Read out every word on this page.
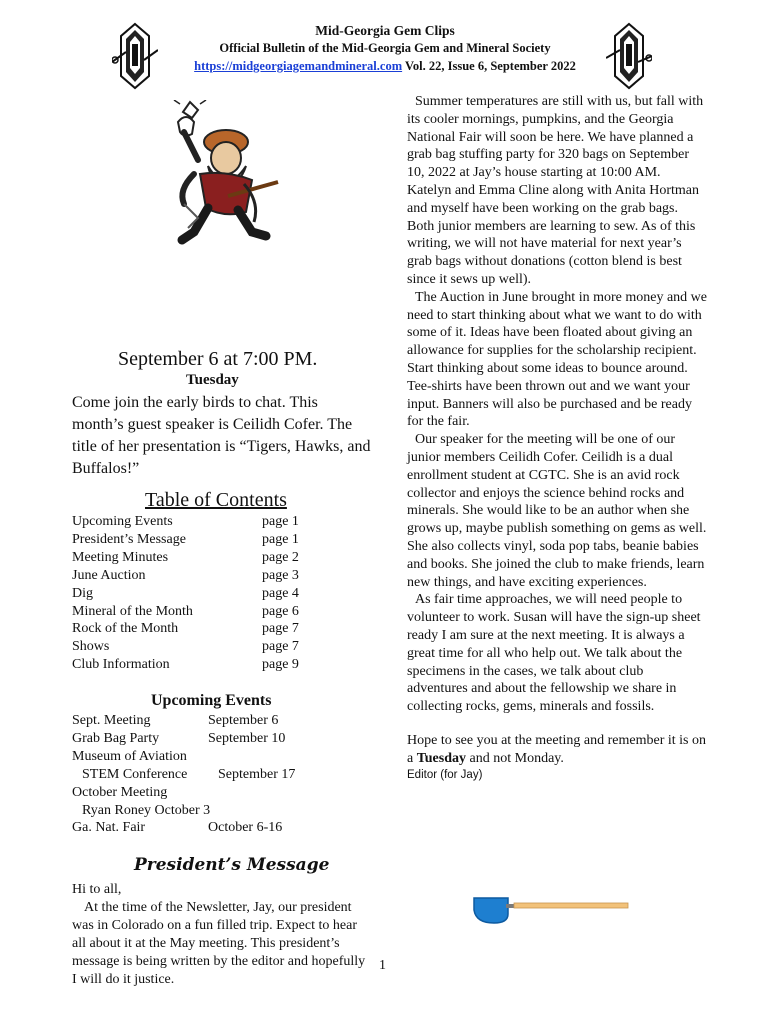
Mid-Georgia Gem Clips
Official Bulletin of the Mid-Georgia Gem and Mineral Society
https://midgeorgiagemandmineral.com Vol. 22, Issue 6, September 2022
September 6 at 7:00 PM.
Tuesday
Come join the early birds to chat. This month’s guest speaker is Ceilidh Cofer. The title of her presentation is “Tigers, Hawks, and Buffalos!”
Table of Contents
Upcoming Events	page 1
President’s Message	page 1
Meeting Minutes	page 2
June Auction	page 3
Dig	page 4
Mineral of the Month	page 6
Rock of the Month	page 7
Shows	page 7
Club Information	page 9
Upcoming Events
Sept. Meeting	September 6
Grab Bag Party	September 10
Museum of Aviation
STEM Conference	September 17
October Meeting
Ryan Roney October 3
Ga. Nat. Fair	October 6-16
President’s Message

Hi to all,

At the time of the Newsletter, Jay, our president was in Colorado on a fun filled trip. Expect to hear all about it at the May meeting. This president’s message is being written by the editor and hopefully I will do it justice.

Summer temperatures are still with us, but fall with its cooler mornings, pumpkins, and the Georgia National Fair will soon be here. We have planned a grab bag stuffing party for 320 bags on September 10, 2022 at Jay’s house starting at 10:00 AM. Katelyn and Emma Cline along with Anita Hortman and myself have been working on the grab bags. Both junior members are learning to sew. As of this writing, we will not have material for next year’s grab bags without donations (cotton blend is best since it sews up well).

The Auction in June brought in more money and we need to start thinking about what we want to do with some of it. Ideas have been floated about giving an allowance for supplies for the scholarship recipient. Start thinking about some ideas to bounce around. Tee-shirts have been thrown out and we want your input. Banners will also be purchased and be ready for the fair.

Our speaker for the meeting will be one of our junior members Ceilidh Cofer. Ceilidh is a dual enrollment student at CGTC. She is an avid rock collector and enjoys the science behind rocks and minerals. She would like to be an author when she grows up, maybe publish something on gems as well. She also collects vinyl, soda pop tabs, beanie babies and books. She joined the club to make friends, learn new things, and have exciting experiences.

As fair time approaches, we will need people to volunteer to work. Susan will have the sign-up sheet ready I am sure at the next meeting. It is always a great time for all who help out. We talk about the specimens in the cases, we talk about club adventures and about the fellowship we share in collecting rocks, gems, minerals and fossils.

Hope to see you at the meeting and remember it is on a Tuesday and not Monday.

Editor (for Jay)

1
